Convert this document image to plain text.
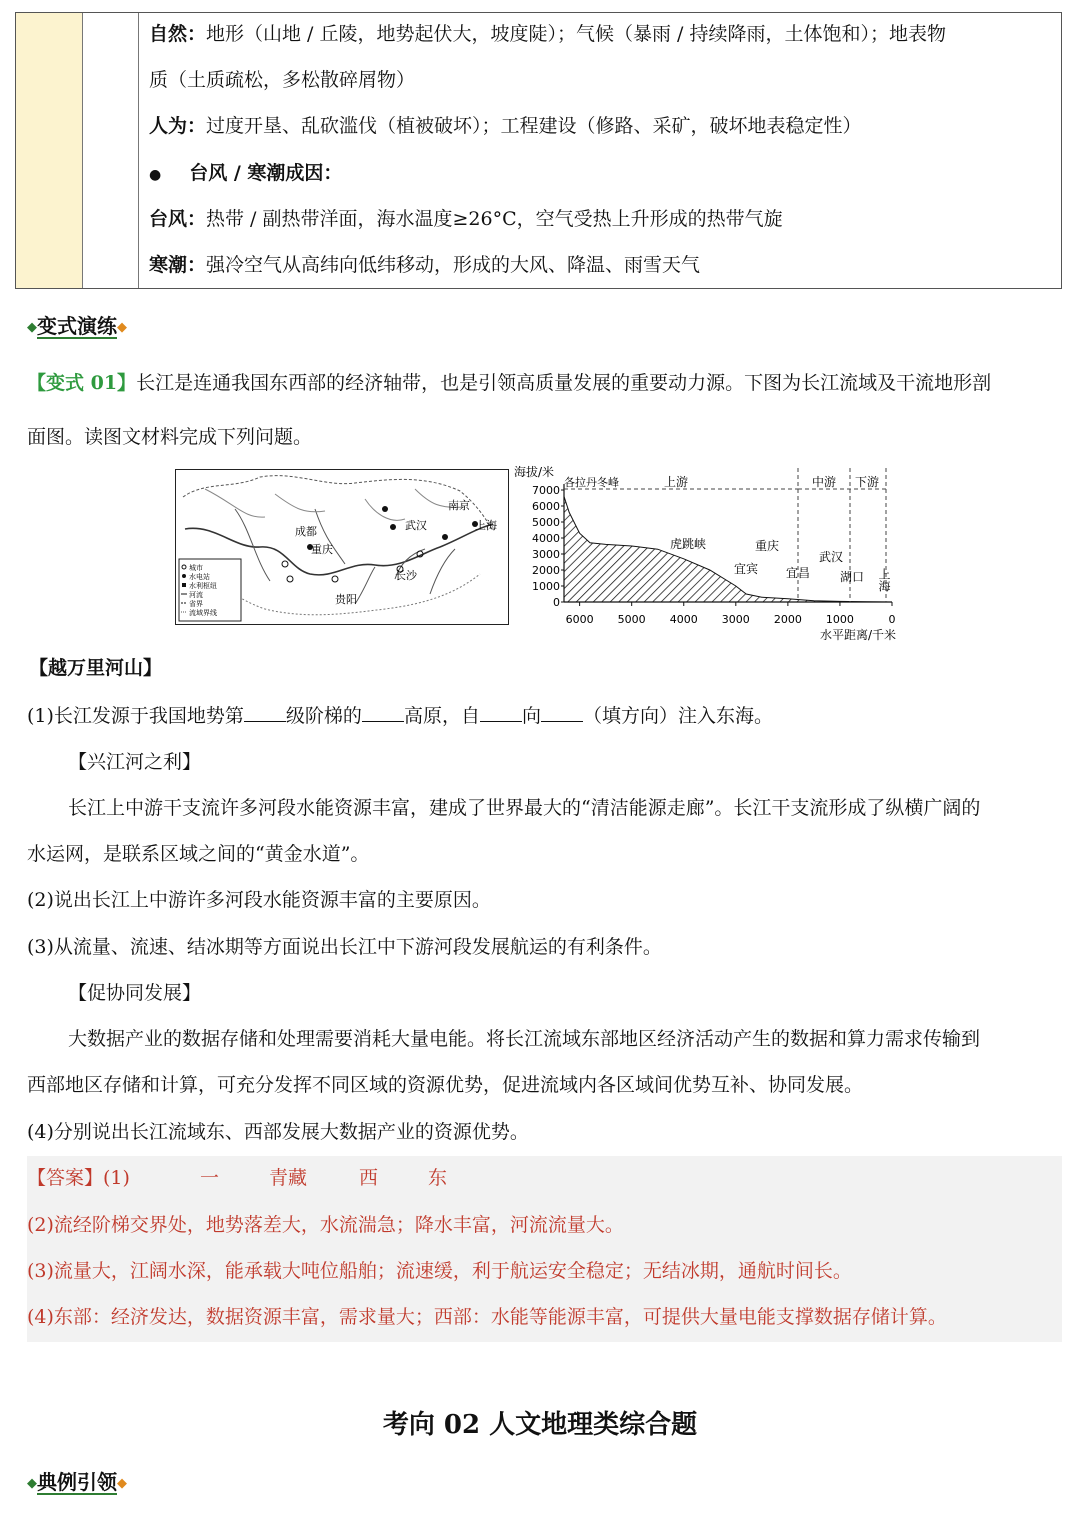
自然：地形（山地 / 丘陵，地势起伏大，坡度陡）；气候（暴雨 / 持续降雨，土体饱和）；地表物
质（土质疏松，多松散碎屑物）
人为：过度开垦、乱砍滥伐（植被破坏）；工程建设（修路、采矿，破坏地表稳定性）
● 台风 / 寒潮成因：
台风：热带 / 副热带洋面，海水温度≥26°C，空气受热上升形成的热带气旋
寒潮：强冷空气从高纬向低纬移动，形成的大风、降温、雨雪天气
◆变式演练◆
【变式 01】长江是连通我国东西部的经济轴带，也是引领高质量发展的重要动力源。下图为长江流域及干流地形剖
面图。读图文材料完成下列问题。
成都
重庆
武汉
南京
上海
长沙
贵阳
城市
水电站
水利枢纽
河流
省界
流域界线
海拔/米
7000
6000
5000
4000
3000
2000
1000
0
6000 5000 4000 3000 2000 1000	0
上游	中游 下游
各拉丹冬峰
虎跳峡
宜宾
重庆
宜昌
武汉
湖口 上海
水平距离/千米
【越万里河山】
(1)长江发源于我国地势第 级阶梯的 高原，自 向 （填方向）注入东海。
【兴江河之利】
长江上中游干支流许多河段水能资源丰富，建成了世界最大的“清洁能源走廊”。长江干支流形成了纵横广阔的
水运网，是联系区域之间的“黄金水道”。
(2)说出长江上中游许多河段水能资源丰富的主要原因。
(3)从流量、流速、结冰期等方面说出长江中下游河段发展航运的有利条件。
【促协同发展】
大数据产业的数据存储和处理需要消耗大量电能。将长江流域东部地区经济活动产生的数据和算力需求传输到
西部地区存储和计算，可充分发挥不同区域的资源优势，促进流域内各区域间优势互补、协同发展。
(4)分别说出长江流域东、西部发展大数据产业的资源优势。
【答案】(1)	一	青藏	西	东
(2)流经阶梯交界处，地势落差大，水流湍急；降水丰富，河流流量大。
(3)流量大，江阔水深，能承载大吨位船舶；流速缓，利于航运安全稳定；无结冰期，通航时间长。
(4)东部：经济发达，数据资源丰富，需求量大；西部：水能等能源丰富，可提供大量电能支撑数据存储计算。
考向 02 人文地理类综合题
◆典例引领◆
